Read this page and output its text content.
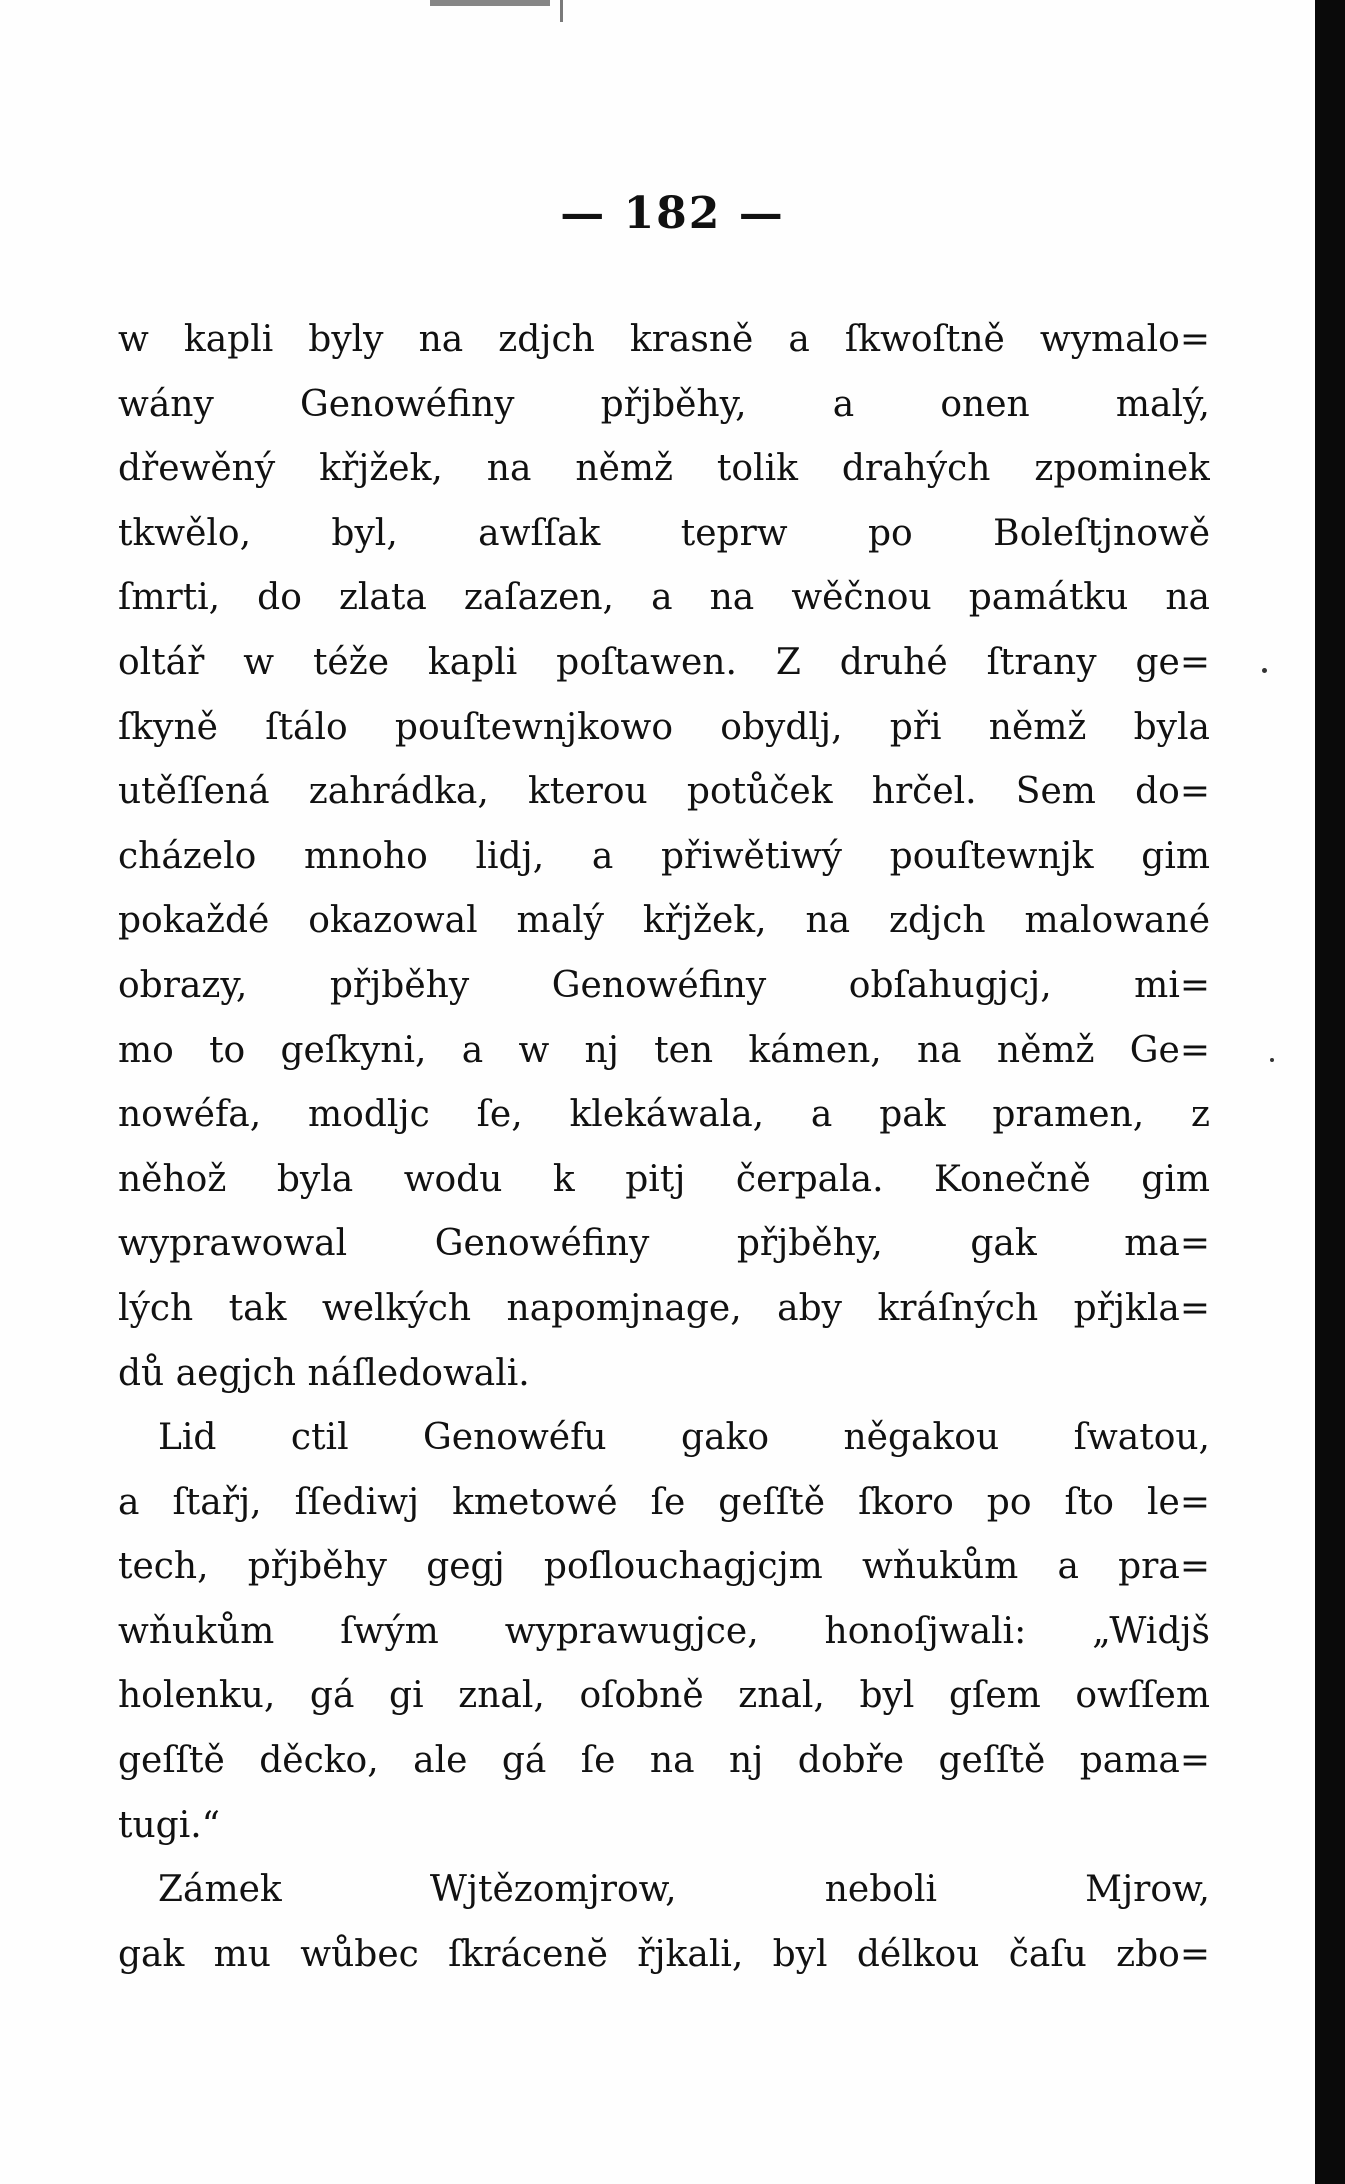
— 182 —
w kapli byly na zdjch krasně a ſkwoſtně wymalo=
wány Genowéfiny přjběhy, a onen malý,
dřewěný křjžek, na němž tolik drahých zpominek
tkwělo, byl, awſſak teprw po Boleſtjnowě
ſmrti, do zlata zaſazen, a na wěčnou památku na
oltář w téže kapli poſtawen. Z druhé ſtrany ge=
ſkyně ſtálo pouſtewnjkowo obydlj, při němž byla
utěſſená zahrádka, kterou potůček hrčel. Sem do=
cházelo mnoho lidj, a přiwětiwý pouſtewnjk gim
pokaždé okazowal malý křjžek, na zdjch malowané
obrazy, přjběhy Genowéfiny obſahugjcj, mi=
mo to geſkyni, a w nj ten kámen, na němž Ge=
nowéfa, modljc ſe, klekáwala, a pak pramen, z
něhož byla wodu k pitj čerpala. Konečně gim
wyprawowal Genowéfiny přjběhy, gak ma=
lých tak welkých napomjnage, aby kráſných přjkla=
dů aegjch náſledowali.
Lid ctil Genowéfu gako něgakou ſwatou,
a ſtařj, ſſediwj kmetowé ſe geſſtě ſkoro po ſto le=
tech, přjběhy gegj poſlouchagjcjm wňukům a pra=
wňukům ſwým wyprawugjce, honoſjwali: „Widjš
holenku, gá gi znal, oſobně znal, byl gſem owſſem
geſſtě děcko, ale gá ſe na nj dobře geſſtě pama=
tugi.“
Zámek Wjtězomjrow, neboli Mjrow,
gak mu wůbec ſkrácenĕ řjkali, byl délkou čaſu zbo=
